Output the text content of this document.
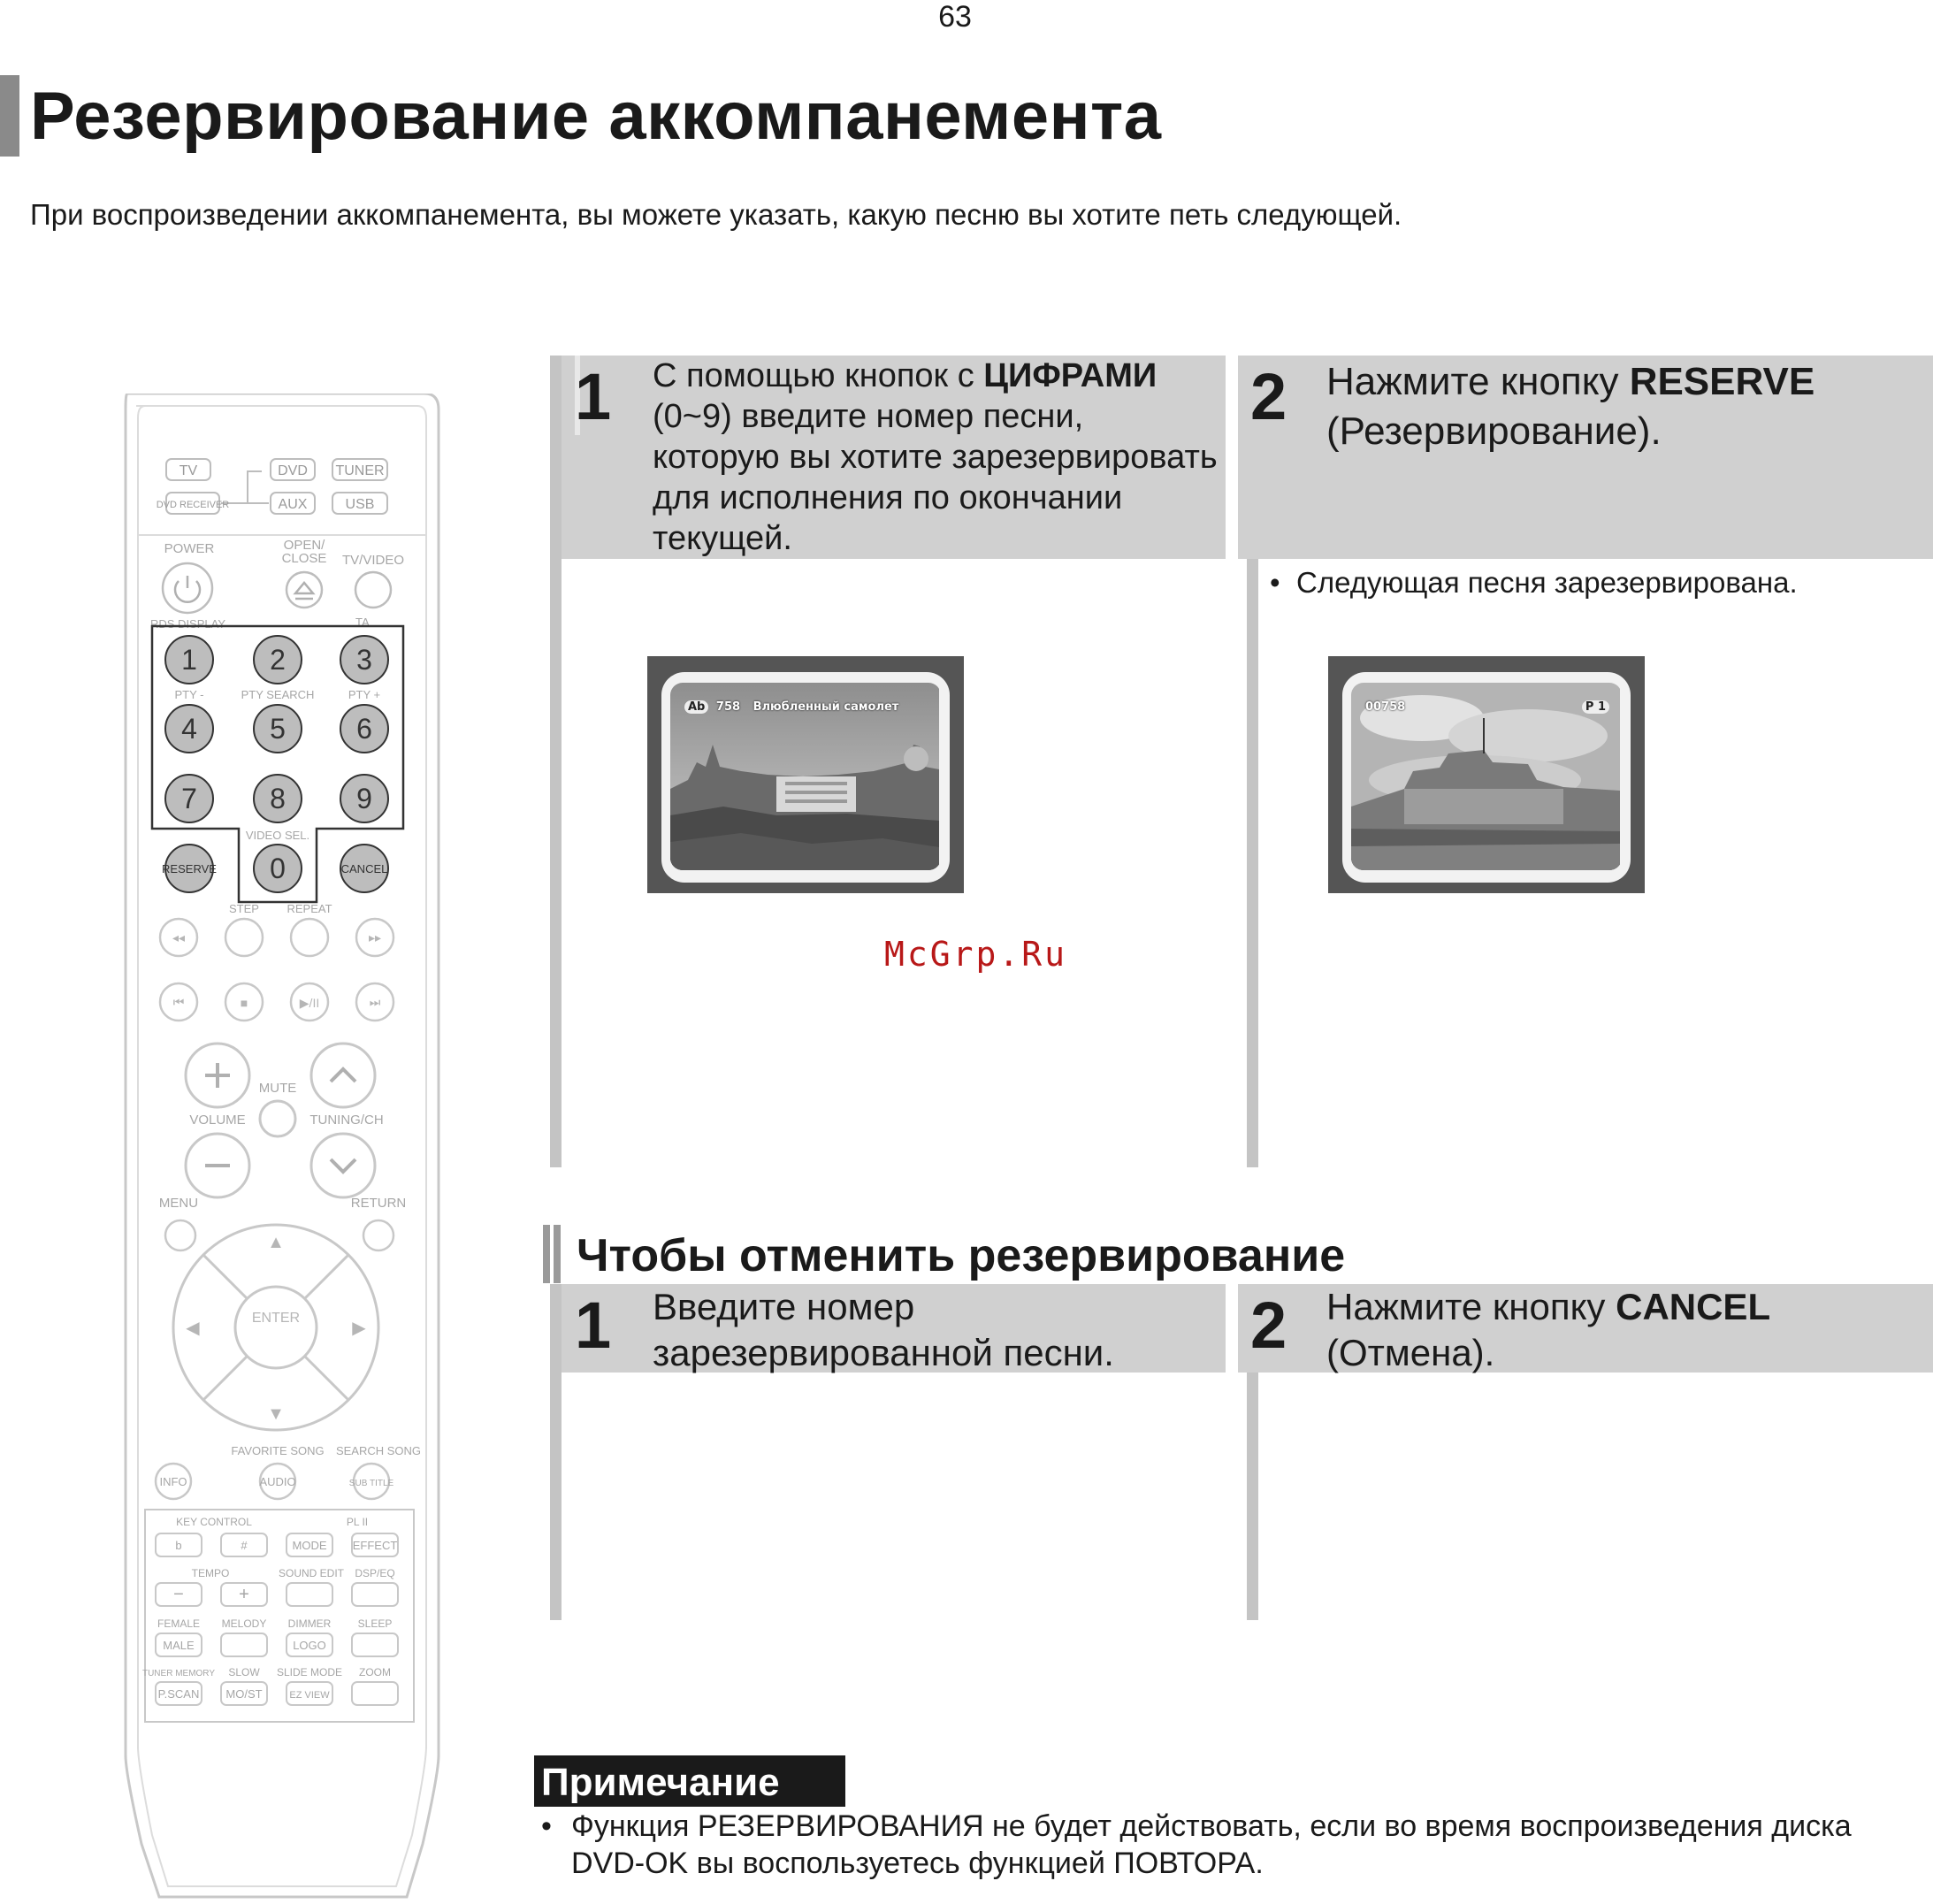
63
Резервирование аккомпанемента

При воспроизведении аккомпанемента, вы можете указать, какую песню вы хотите петь следующей.

1 С помощью кнопок с ЦИФРАМИ (0~9) введите номер песни, которую вы хотите зарезервировать для исполнения по окончании текущей.
2 Нажмите кнопку RESERVE (Резервирование).
• Следующая песня зарезервирована.
Ab 758 Влюбленный самолет	00758	P 1
McGrp.Ru
Чтобы отменить резервирование
1 Введите номер зарезервированной песни.	2 Нажмите кнопку CANCEL (Отмена).
Примечание
• Функция РЕЗЕРВИРОВАНИЯ не будет действовать, если во время воспроизведения диска DVD-OK вы воспользуетесь функцией ПОВТОРА.
TV	DVD TUNER
DVD RECEIVER	AUX	USB
POWER	OPEN/
CLOSE TV/VIDEO
RDS DISPLAY	TA
1	2	3
4	5	6
7	8	9
0
RESERVE	CANCEL
PTY -	PTY SEARCH	PTY +
VIDEO SEL.
STEP REPEAT
◂◂	▸▸
⏮	■	▶/II	⏭
MUTE
VOLUME	TUNING/CH
MENU	RETURN
▲
▼
◀	▶
ENTER
FAVORITE SONG SEARCH SONG
INFO	AUDIO	SUB TITLE
KEY CONTROL	PL II
TEMPO	SOUND EDIT DSP/EQ
FEMALE MELODY DIMMER	SLEEP
TUNER MEMORY SLOW SLIDE MODE ZOOM
b	#	MODE EFFECT
−	+
MALE	LOGO
P.SCAN MO/ST	EZ VIEW
